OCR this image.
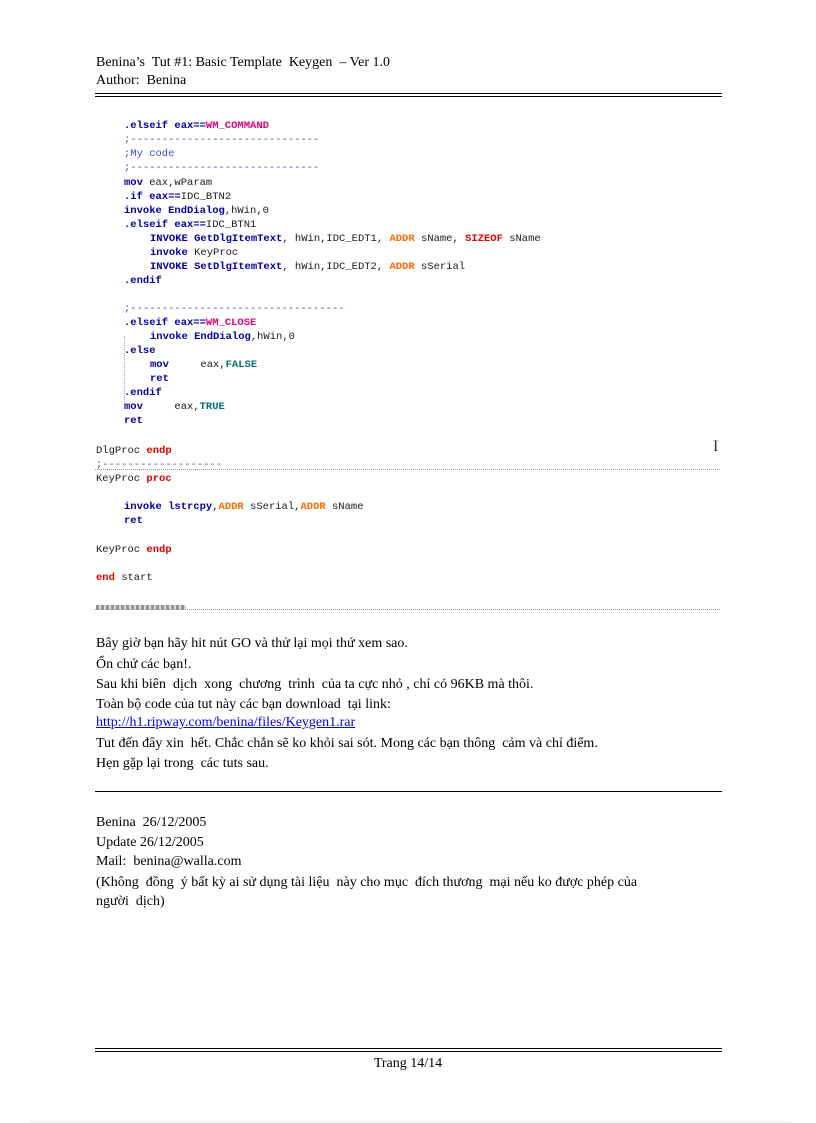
Benina’s  Tut #1: Basic Template  Keygen  – Ver 1.0
Author:  Benina
.elseif eax==WM_COMMAND
;------------------------------
;My code
;------------------------------
mov eax,wParam
.if eax==IDC_BTN2
invoke EndDialog,hWin,0
.elseif eax==IDC_BTN1
INVOKE GetDlgItemText, hWin,IDC_EDT1, ADDR sName, SIZEOF sName
invoke KeyProc
INVOKE SetDlgItemText, hWin,IDC_EDT2, ADDR sSerial
.endif
;----------------------------------
.elseif eax==WM_CLOSE
invoke EndDialog,hWin,0
.else
mov     eax,FALSE
ret
.endif
mov     eax,TRUE
ret
DlgProc endp	I
;-------------------
KeyProc proc
invoke lstrcpy,ADDR sSerial,ADDR sName
ret
KeyProc endp
end start
Bây giờ bạn hãy hit nút GO và thử lại mọi thứ xem sao.
Ổn chứ các bạn!.
Sau khi biên  dịch  xong  chương  trình  của ta cực nhỏ , chỉ có 96KB mà thôi.
Toàn bộ code của tut này các bạn download  tại link:
http://h1.ripway.com/benina/files/Keygen1.rar
Tut đến đây xin  hết. Chắc chắn sẽ ko khỏi sai sót. Mong các bạn thông  cảm và chỉ điểm.
Hẹn gặp lại trong  các tuts sau.
Benina  26/12/2005
Update 26/12/2005
Mail:  benina@walla.com
(Không  đồng  ý bất kỳ ai sử dụng tài liệu  này cho mục  đích thương  mại nếu ko được phép của
người  dịch)
Trang 14/14
